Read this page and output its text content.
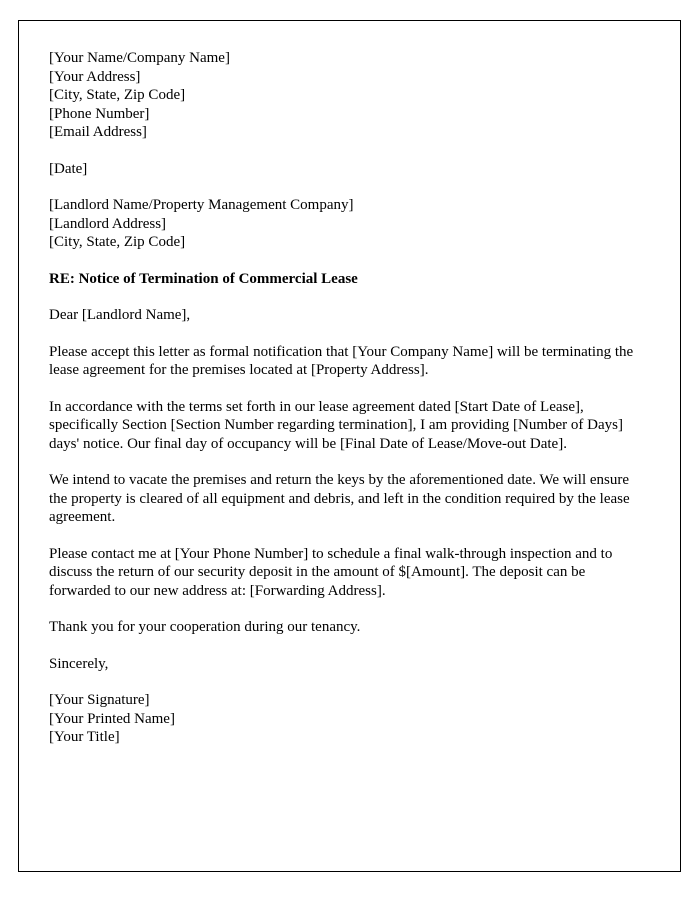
[Your Name/Company Name]
[Your Address]
[City, State, Zip Code]
[Phone Number]
[Email Address]
[Date]
[Landlord Name/Property Management Company]
[Landlord Address]
[City, State, Zip Code]
RE: Notice of Termination of Commercial Lease
Dear [Landlord Name],

Please accept this letter as formal notification that [Your Company Name] will be terminating the lease agreement for the premises located at [Property Address].

In accordance with the terms set forth in our lease agreement dated [Start Date of Lease], specifically Section [Section Number regarding termination], I am providing [Number of Days] days' notice. Our final day of occupancy will be [Final Date of Lease/Move-out Date].

We intend to vacate the premises and return the keys by the aforementioned date. We will ensure the property is cleared of all equipment and debris, and left in the condition required by the lease agreement.

Please contact me at [Your Phone Number] to schedule a final walk-through inspection and to discuss the return of our security deposit in the amount of $[Amount]. The deposit can be forwarded to our new address at: [Forwarding Address].

Thank you for your cooperation during our tenancy.

Sincerely,
[Your Signature]
[Your Printed Name]
[Your Title]
